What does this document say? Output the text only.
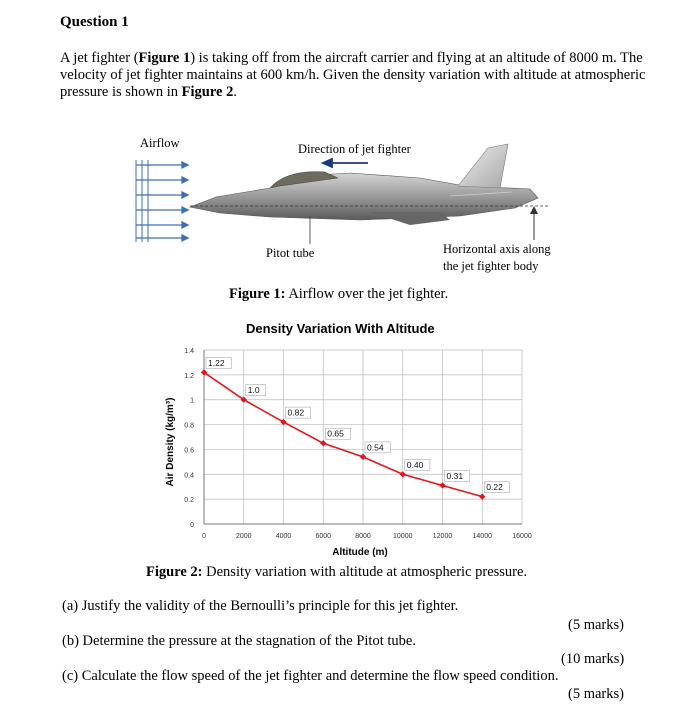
Question 1
A jet fighter (Figure 1) is taking off from the aircraft carrier and flying at an altitude of 8000 m. The velocity of jet fighter maintains at 600 km/h. Given the density variation with altitude at atmospheric pressure is shown in Figure 2.
Airflow	Direction of jet fighter
Pitot tube	Horizontal axis along
the jet fighter body
Figure 1: Airflow over the jet fighter.
Density Variation With Altitude
0
0.2
0.4
0.6
0.8
1
1.2
1.4
0	2000	4000	6000	8000	10000	12000	14000	16000
1.22
1.0
0.82
0.65
0.54
0.40
0.31
0.22
Air Density (kg/m³)
Altitude (m)
Figure 2: Density variation with altitude at atmospheric pressure.
(a) Justify the validity of the Bernoulli’s principle for this jet fighter.
(5 marks)
(b) Determine the pressure at the stagnation of the Pitot tube.
(10 marks)
(c) Calculate the flow speed of the jet fighter and determine the flow speed condition.
(5 marks)
